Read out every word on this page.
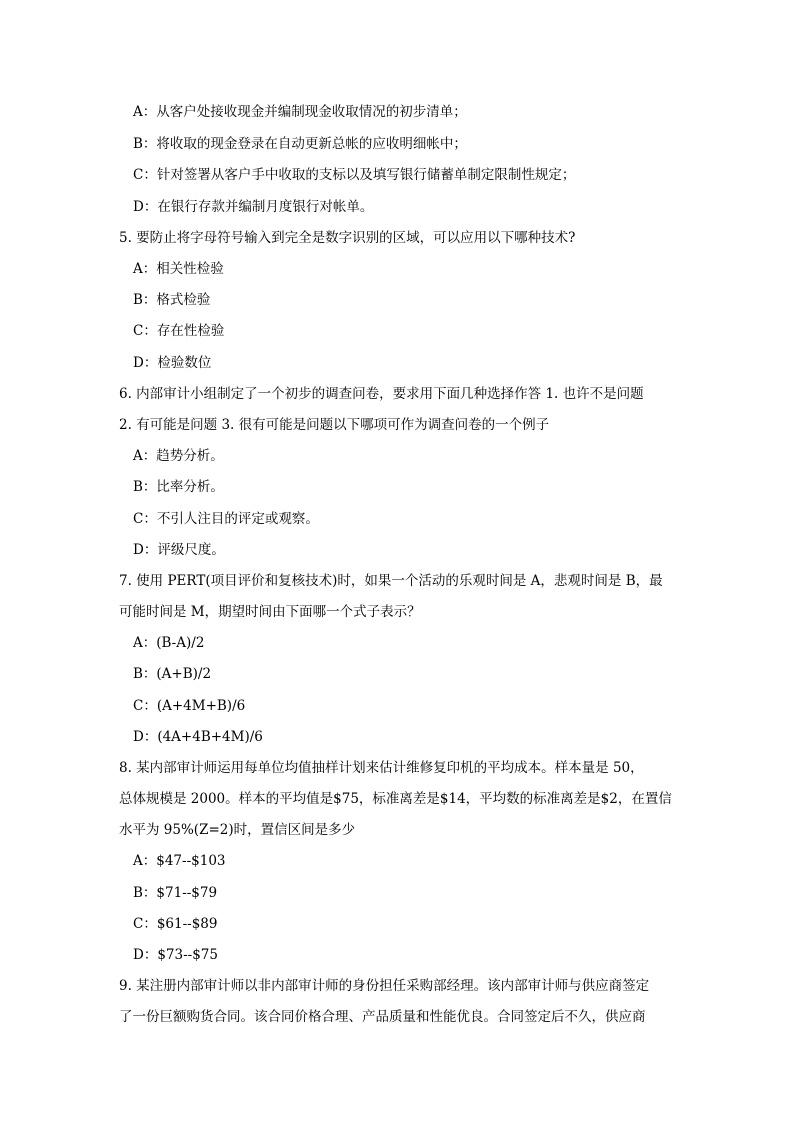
A：从客户处接收现金并编制现金收取情况的初步清单；
B：将收取的现金登录在自动更新总帐的应收明细帐中；
C：针对签署从客户手中收取的支标以及填写银行储蓄单制定限制性规定；
D：在银行存款并编制月度银行对帐单。
5. 要防止将字母符号输入到完全是数字识别的区域，可以应用以下哪种技术?
A：相关性检验
B：格式检验
C：存在性检验
D：检验数位
6. 内部审计小组制定了一个初步的调查问卷，要求用下面几种选择作答 1. 也许不是问题
2. 有可能是问题 3. 很有可能是问题以下哪项可作为调查问卷的一个例子
A：趋势分析。
B：比率分析。
C：不引人注目的评定或观察。
D：评级尺度。
7. 使用 PERT(项目评价和复核技术)时，如果一个活动的乐观时间是 A，悲观时间是 B，最
可能时间是 M，期望时间由下面哪一个式子表示？
A：(B-A)/2
B：(A+B)/2
C：(A+4M+B)/6
D：(4A+4B+4M)/6
8. 某内部审计师运用每单位均值抽样计划来估计维修复印机的平均成本。样本量是 50，
总体规模是 2000。样本的平均值是$75，标准离差是$14，平均数的标准离差是$2，在置信
水平为 95%(Z=2)时，置信区间是多少
A：$47--$103
B：$71--$79
C：$61--$89
D：$73--$75
9. 某注册内部审计师以非内部审计师的身份担任采购部经理。该内部审计师与供应商签定
了一份巨额购货合同。该合同价格合理、产品质量和性能优良。合同签定后不久，供应商
